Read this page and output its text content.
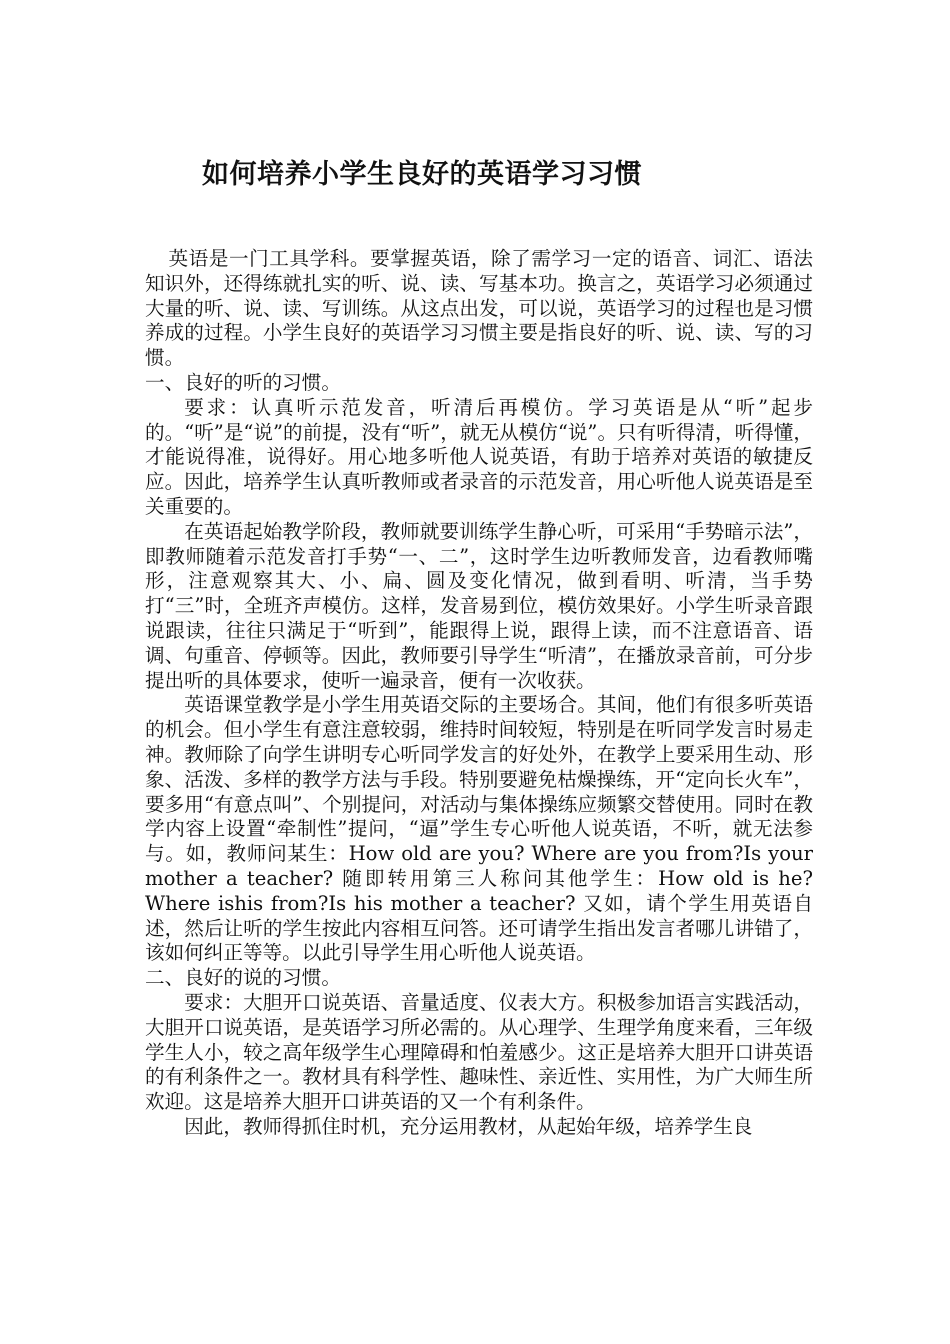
如何培养小学生良好的英语学习习惯

英语是一门工具学科。要掌握英语，除了需学习一定的语音、词汇、语法知识外，还得练就扎实的听、说、读、写基本功。换言之，英语学习必须通过大量的听、说、读、写训练。从这点出发，可以说，英语学习的过程也是习惯养成的过程。小学生良好的英语学习习惯主要是指良好的听、说、读、写的习惯。

一、良好的听的习惯。

要求：认真听示范发音，听清后再模仿。学习英语是从“听”起步的。“听”是“说”的前提，没有“听”，就无从模仿“说”。只有听得清，听得懂，才能说得准，说得好。用心地多听他人说英语，有助于培养对英语的敏捷反应。因此，培养学生认真听教师或者录音的示范发音，用心听他人说英语是至关重要的。

在英语起始教学阶段，教师就要训练学生静心听，可采用“手势暗示法”，即教师随着示范发音打手势“一、二”，这时学生边听教师发音，边看教师嘴形，注意观察其大、小、扁、圆及变化情况，做到看明、听清，当手势打“三”时，全班齐声模仿。这样，发音易到位，模仿效果好。小学生听录音跟说跟读，往往只满足于“听到”，能跟得上说，跟得上读，而不注意语音、语调、句重音、停顿等。因此，教师要引导学生“听清”，在播放录音前，可分步提出听的具体要求，使听一遍录音，便有一次收获。

英语课堂教学是小学生用英语交际的主要场合。其间，他们有很多听英语的机会。但小学生有意注意较弱，维持时间较短，特别是在听同学发言时易走神。教师除了向学生讲明专心听同学发言的好处外，在教学上要采用生动、形象、活泼、多样的教学方法与手段。特别要避免枯燥操练，开“定向长火车”，要多用“有意点叫”、个别提问，对活动与集体操练应频繁交替使用。同时在教学内容上设置“牵制性”提问，“逼”学生专心听他人说英语，不听，就无法参与。如，教师问某生：How old are you? Where are you from?Is your mother a teacher? 随即转用第三人称问其他学生：How old is he? Where ishis from?Is his mother a teacher? 又如，请个学生用英语自述，然后让听的学生按此内容相互问答。还可请学生指出发言者哪儿讲错了，该如何纠正等等。以此引导学生用心听他人说英语。

二、良好的说的习惯。

要求：大胆开口说英语、音量适度、仪表大方。积极参加语言实践活动，大胆开口说英语，是英语学习所必需的。从心理学、生理学角度来看，三年级学生人小，较之高年级学生心理障碍和怕羞感少。这正是培养大胆开口讲英语的有利条件之一。教材具有科学性、趣味性、亲近性、实用性，为广大师生所欢迎。这是培养大胆开口讲英语的又一个有利条件。

因此，教师得抓住时机，充分运用教材，从起始年级，培养学生良
